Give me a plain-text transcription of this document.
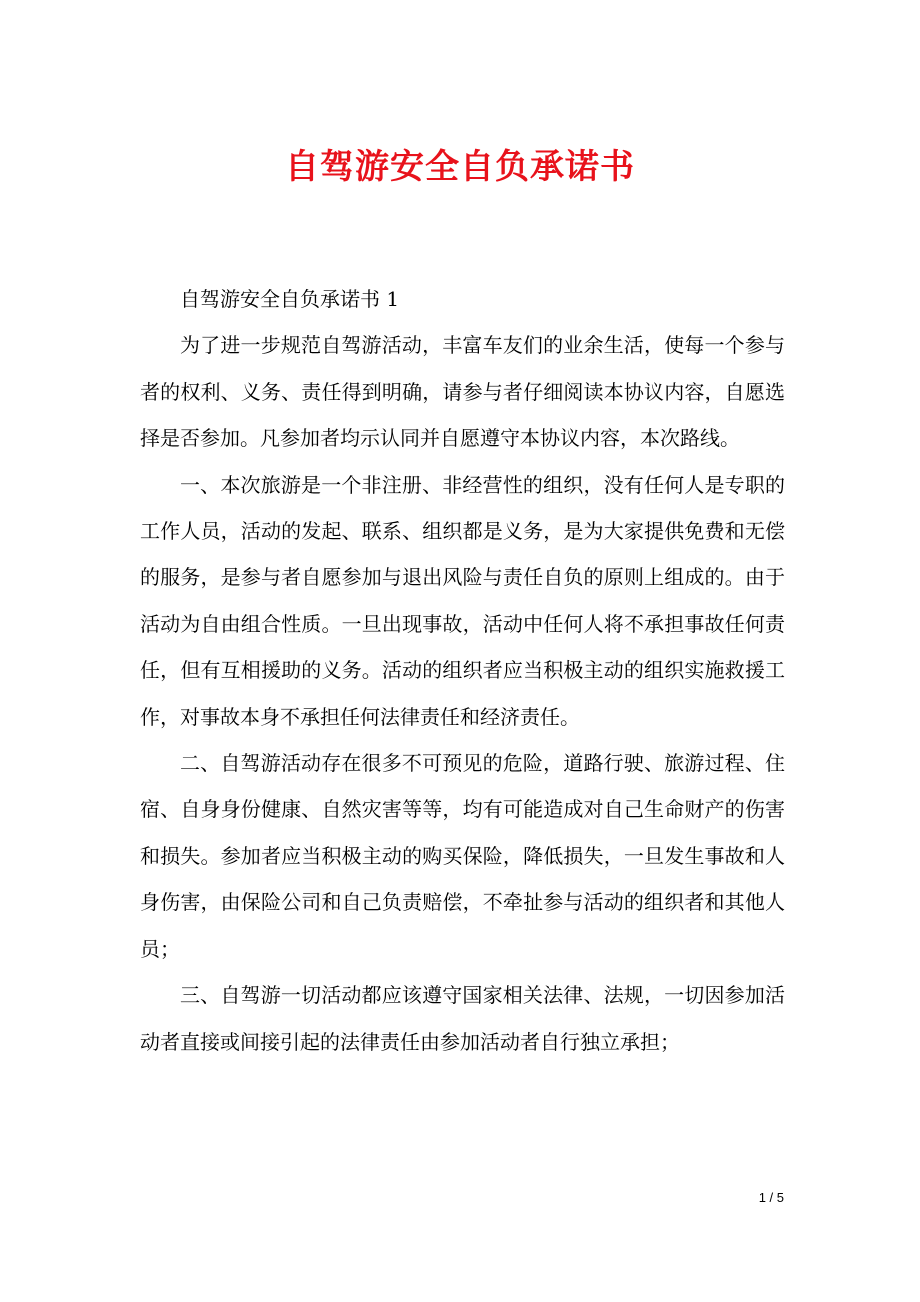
自驾游安全自负承诺书

自驾游安全自负承诺书 1

为了进一步规范自驾游活动，丰富车友们的业余生活，使每一个参与者的权利、义务、责任得到明确，请参与者仔细阅读本协议内容，自愿选择是否参加。凡参加者均示认同并自愿遵守本协议内容，本次路线。

一、本次旅游是一个非注册、非经营性的组织，没有任何人是专职的工作人员，活动的发起、联系、组织都是义务，是为大家提供免费和无偿的服务，是参与者自愿参加与退出风险与责任自负的原则上组成的。由于活动为自由组合性质。一旦出现事故，活动中任何人将不承担事故任何责任，但有互相援助的义务。活动的组织者应当积极主动的组织实施救援工作，对事故本身不承担任何法律责任和经济责任。

二、自驾游活动存在很多不可预见的危险，道路行驶、旅游过程、住宿、自身身份健康、自然灾害等等，均有可能造成对自己生命财产的伤害和损失。参加者应当积极主动的购买保险，降低损失，一旦发生事故和人身伤害，由保险公司和自己负责赔偿，不牵扯参与活动的组织者和其他人员；

三、自驾游一切活动都应该遵守国家相关法律、法规，一切因参加活动者直接或间接引起的法律责任由参加活动者自行独立承担；

1 / 5
